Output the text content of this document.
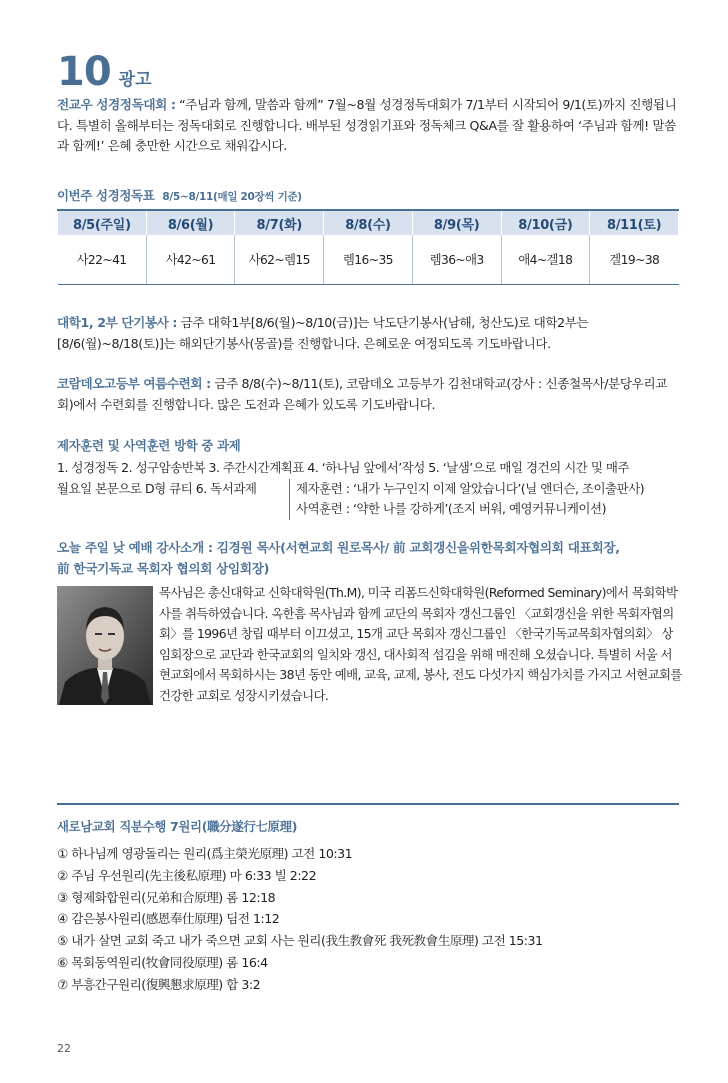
10 광고

전교우 성경정독대회 : “주님과 함께, 말씀과 함께” 7월~8월 성경정독대회가 7/1부터 시작되어 9/1(토)까지 진행됩니다. 특별히 올해부터는 정독대회로 진행합니다. 배부된 성경읽기표와 정독체크 Q&A를 잘 활용하여 ‘주님과 함께! 말씀과 함께!’ 은혜 충만한 시간으로 채워갑시다.

이번주 성경정독표 8/5~8/11(매일 20장씩 기준)
8/5(주일)	8/6(월)	8/7(화)	8/8(수)	8/9(목)	8/10(금)	8/11(토)
사22~41	사42~61	사62~렘15	렘16~35	렘36~애3	애4~겔18	겔19~38

대학1, 2부 단기봉사 : 금주 대학1부[8/6(월)~8/10(금)]는 낙도단기봉사(남해, 청산도)로 대학2부는 [8/6(월)~8/18(토)]는 해외단기봉사(몽골)를 진행합니다. 은혜로운 여정되도록 기도바랍니다.

코람데오고등부 여름수련회 : 금주 8/8(수)~8/11(토), 코람데오 고등부가 김천대학교(강사 : 신종철목사/분당우리교회)에서 수련회를 진행합니다. 많은 도전과 은혜가 있도록 기도바랍니다.

제자훈련 및 사역훈련 방학 중 과제
1. 성경정독 2. 성구암송반복 3. 주간시간계획표 4. ‘하나님 앞에서’작성 5. ‘날샘’으로 매일 경건의 시간 및 매주
월요일 본문으로 D형 큐티 6. 독서과제	제자훈련 : ‘내가 누구인지 이제 알았습니다’(닐 앤더슨, 조이출판사)
사역훈련 : ‘약한 나를 강하게’(조지 버워, 예영커뮤니케이션)
오늘 주일 낮 예배 강사소개 : 김경원 목사(서현교회 원로목사/ 前 교회갱신을위한목회자협의회 대표회장,
前 한국기독교 목회자 협의회 상임회장)

목사님은 총신대학교 신학대학원(Th.M), 미국 리폼드신학대학원(Reformed Seminary)에서 목회학박사를 취득하였습니다. 옥한흠 목사님과 함께 교단의 목회자 갱신그룹인 〈교회갱신을 위한 목회자협의회〉를 1996년 창립 때부터 이끄셨고, 15개 교단 목회자 갱신그룹인 〈한국기독교목회자협의회〉 상임회장으로 교단과 한국교회의 일치와 갱신, 대사회적 섬김을 위해 매진해 오셨습니다. 특별히 서울 서현교회에서 목회하시는 38년 동안 예배, 교육, 교제, 봉사, 전도 다섯가지 핵심가치를 가지고 서현교회를 건강한 교회로 성장시키셨습니다.

새로남교회 직분수행 7원리(職分遂行七原理)
① 하나님께 영광돌리는 원리(爲主榮光原理) 고전 10:31
② 주님 우선원리(先主後私原理) 마 6:33 빌 2:22
③ 형제화합원리(兄弟和合原理) 롬 12:18
④ 감은봉사원리(感恩奉仕原理) 딤전 1:12
⑤ 내가 살면 교회 죽고 내가 죽으면 교회 사는 원리(我生教會死 我死教會生原理) 고전 15:31
⑥ 목회동역원리(牧會同役原理) 롬 16:4
⑦ 부흥간구원리(復興懇求原理) 합 3:2
22
